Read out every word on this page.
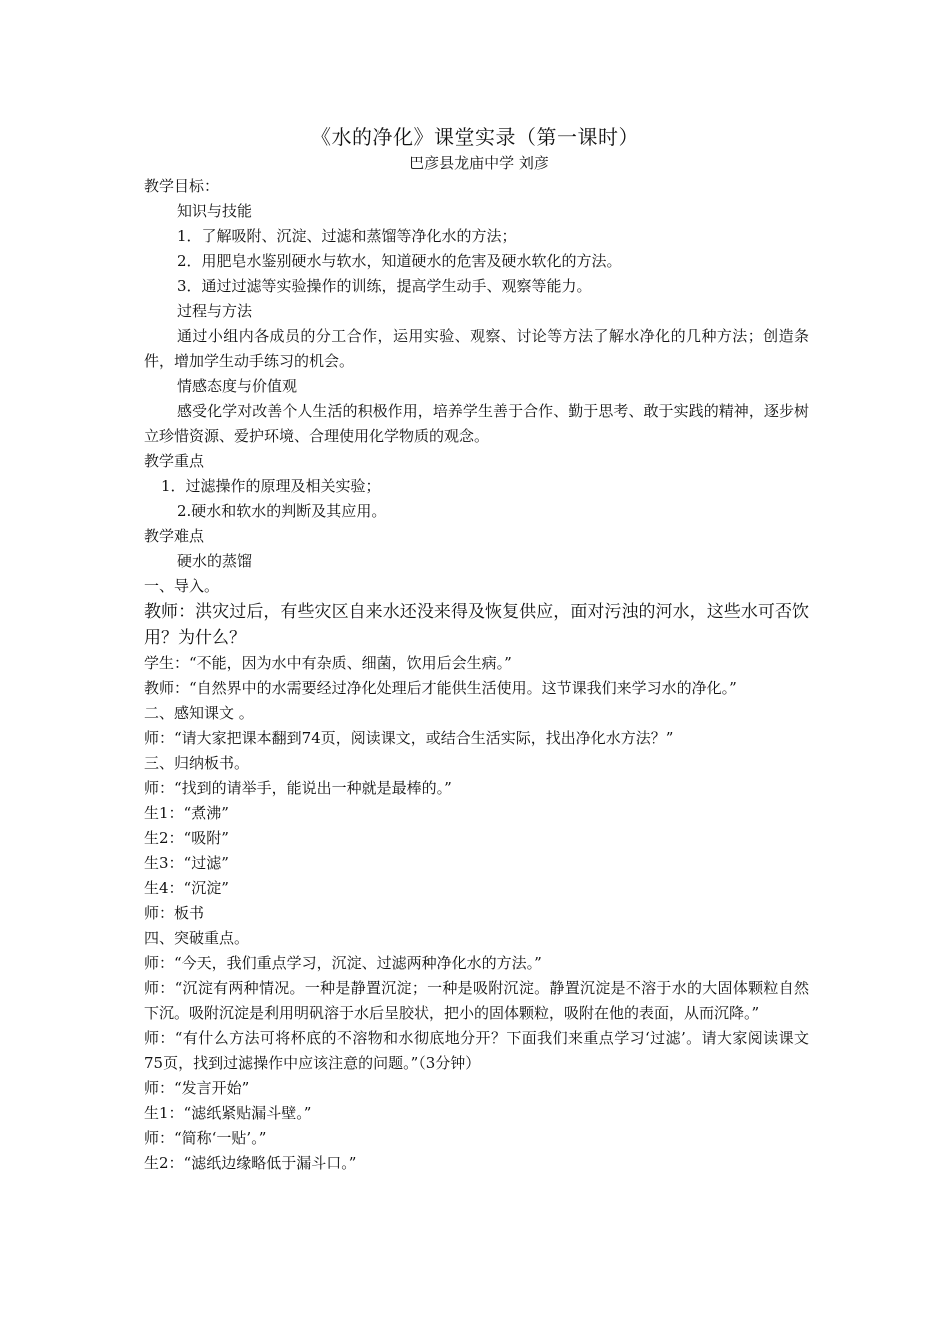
《水的净化》课堂实录（第一课时）
巴彦县龙庙中学 刘彦

教学目标：

知识与技能

1．了解吸附、沉淀、过滤和蒸馏等净化水的方法；

2．用肥皂水鉴别硬水与软水，知道硬水的危害及硬水软化的方法。

3．通过过滤等实验操作的训练，提高学生动手、观察等能力。

过程与方法

通过小组内各成员的分工合作，运用实验、观察、讨论等方法了解水净化的几种方法；创造条件，增加学生动手练习的机会。

情感态度与价值观

感受化学对改善个人生活的积极作用，培养学生善于合作、勤于思考、敢于实践的精神，逐步树立珍惜资源、爱护环境、合理使用化学物质的观念。

教学重点

1．过滤操作的原理及相关实验；

2.硬水和软水的判断及其应用。

教学难点

硬水的蒸馏

一、导入。

教师：洪灾过后，有些灾区自来水还没来得及恢复供应，面对污浊的河水，这些水可否饮用？为什么？

学生：“不能，因为水中有杂质、细菌，饮用后会生病。”

教师：“自然界中的水需要经过净化处理后才能供生活使用。这节课我们来学习水的净化。”

二、感知课文 。

师：“请大家把课本翻到74页，阅读课文，或结合生活实际，找出净化水方法？”

三、归纳板书。

师：“找到的请举手，能说出一种就是最棒的。”

生1：“煮沸”

生2：“吸附”

生3：“过滤”

生4：“沉淀”

师：板书

四、突破重点。

师：“今天，我们重点学习，沉淀、过滤两种净化水的方法。”

师：“沉淀有两种情况。一种是静置沉淀；一种是吸附沉淀。静置沉淀是不溶于水的大固体颗粒自然下沉。吸附沉淀是利用明矾溶于水后呈胶状，把小的固体颗粒，吸附在他的表面，从而沉降。”

师：“有什么方法可将杯底的不溶物和水彻底地分开？下面我们来重点学习‘过滤’。请大家阅读课文75页，找到过滤操作中应该注意的问题。”（3分钟）

师：“发言开始”

生1：“滤纸紧贴漏斗壁。”

师：“简称‘一贴’。”

生2：“滤纸边缘略低于漏斗口。”
